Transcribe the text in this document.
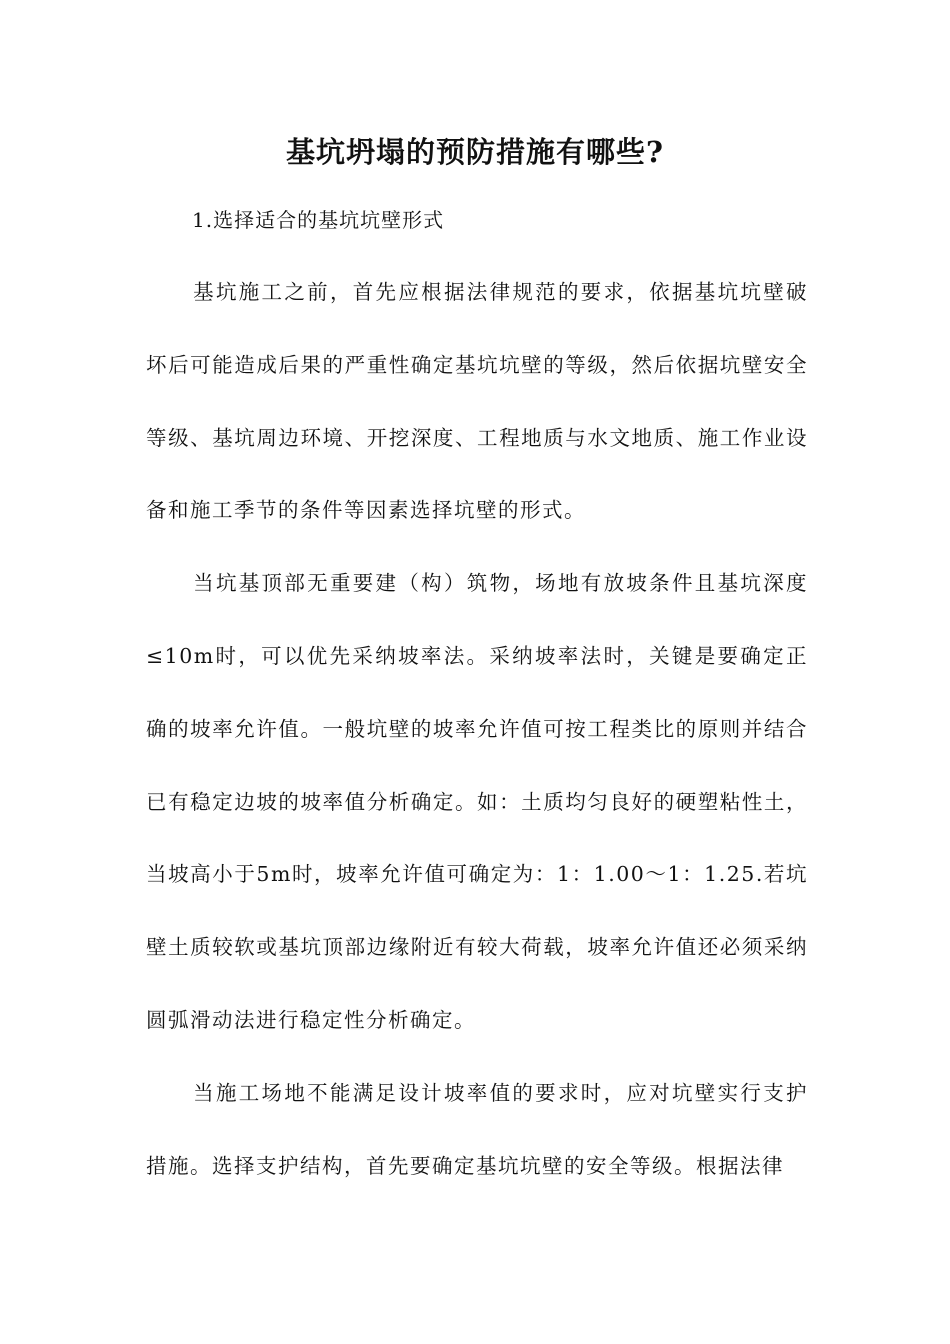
基坑坍塌的预防措施有哪些?
1.选择适合的基坑坑壁形式

基坑施工之前，首先应根据法律规范的要求，依据基坑坑壁破坏后可能造成后果的严重性确定基坑坑壁的等级，然后依据坑壁安全等级、基坑周边环境、开挖深度、工程地质与水文地质、施工作业设备和施工季节的条件等因素选择坑壁的形式。

当坑基顶部无重要建（构）筑物，场地有放坡条件且基坑深度≤10m时，可以优先采纳坡率法。采纳坡率法时，关键是要确定正确的坡率允许值。一般坑壁的坡率允许值可按工程类比的原则并结合已有稳定边坡的坡率值分析确定。如：土质均匀良好的硬塑粘性土，当坡高小于5m时，坡率允许值可确定为：1：1.00～1：1.25.若坑壁土质较软或基坑顶部边缘附近有较大荷载，坡率允许值还必须采纳圆弧滑动法进行稳定性分析确定。

当施工场地不能满足设计坡率值的要求时，应对坑壁实行支护措施。选择支护结构，首先要确定基坑坑壁的安全等级。根据法律
